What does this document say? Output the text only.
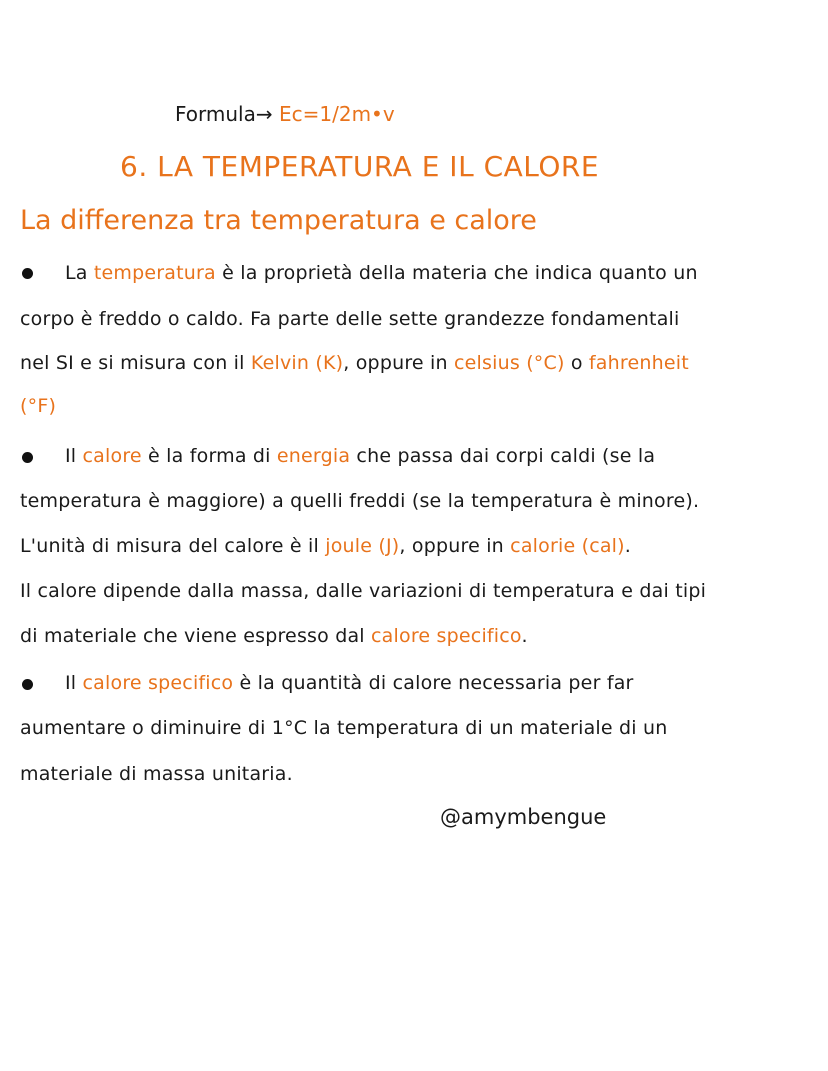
Formula→ Ec=1/2m•v
6. LA TEMPERATURA E IL CALORE
La differenza tra temperatura e calore
La temperatura è la proprietà della materia che indica quanto un
corpo è freddo o caldo. Fa parte delle sette grandezze fondamentali
nel SI e si misura con il Kelvin (K), oppure in celsius (°C) o fahrenheit
(°F)
Il calore è la forma di energia che passa dai corpi caldi (se la
temperatura è maggiore) a quelli freddi (se la temperatura è minore).
L'unità di misura del calore è il joule (J), oppure in calorie (cal).
Il calore dipende dalla massa, dalle variazioni di temperatura e dai tipi
di materiale che viene espresso dal calore specifico.
Il calore specifico è la quantità di calore necessaria per far
aumentare o diminuire di 1°C la temperatura di un materiale di un
materiale di massa unitaria.
@amymbengue
